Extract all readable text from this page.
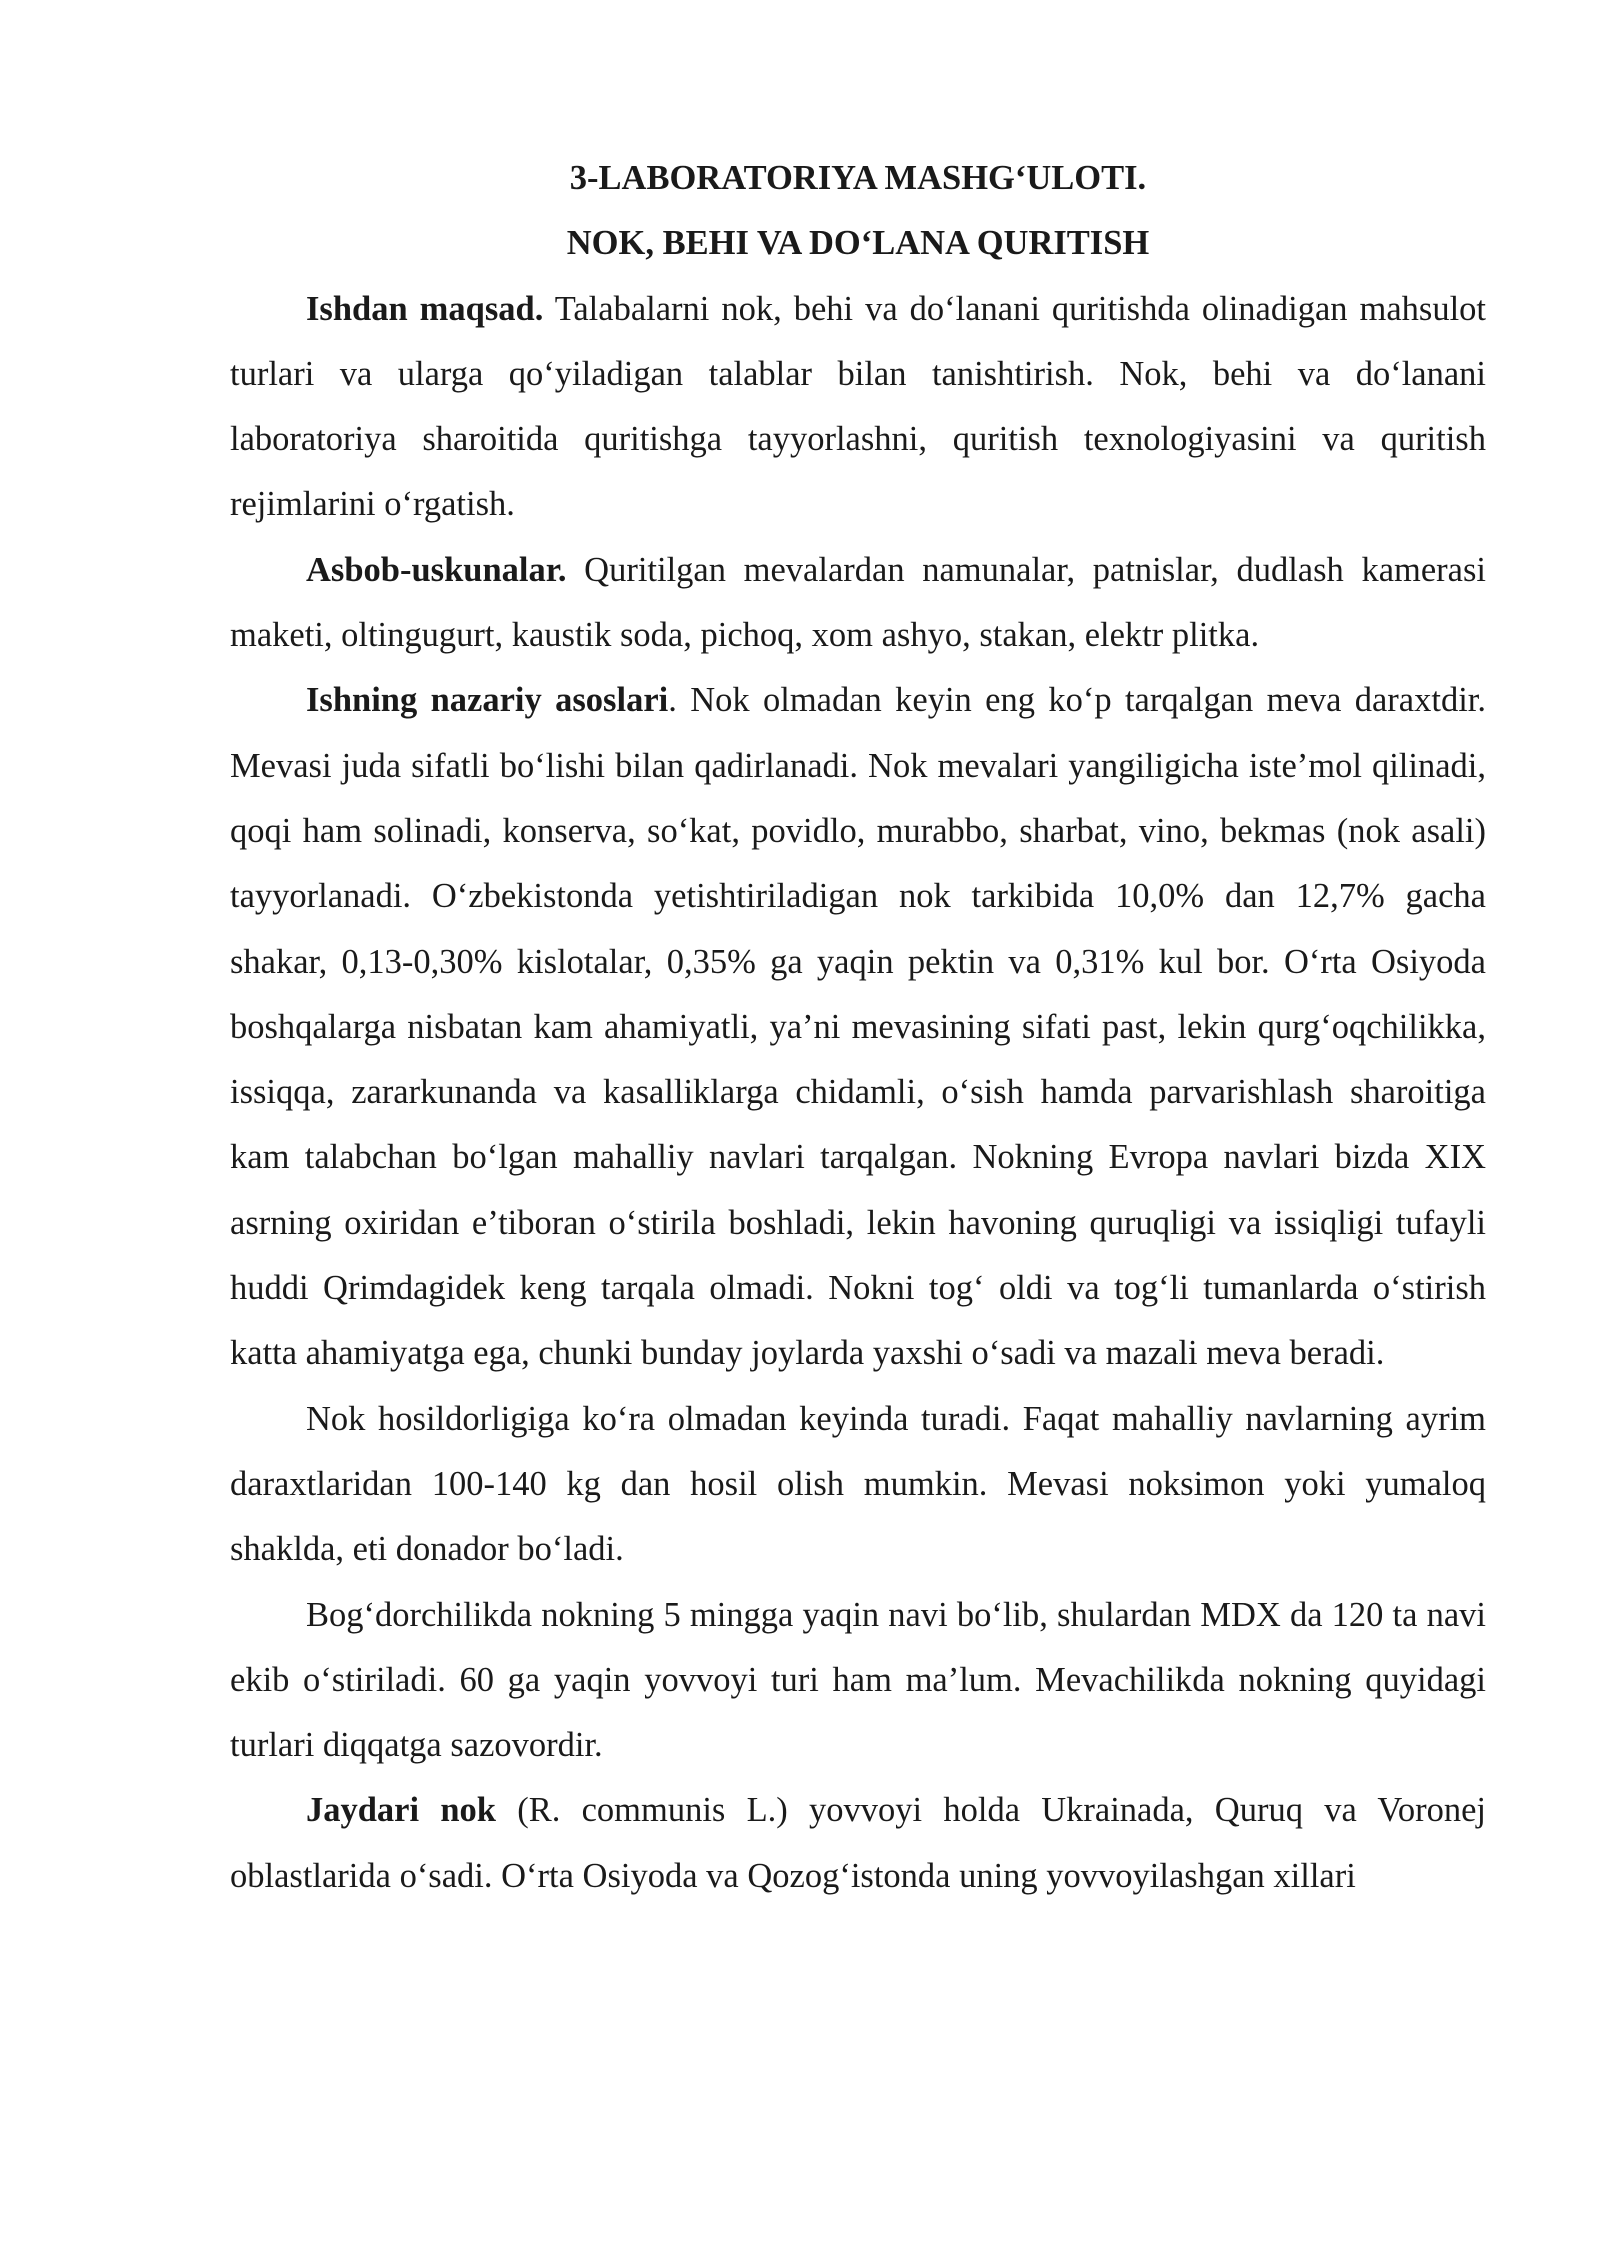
3-LABORATORIYA MASHG‘ULOTI.

NOK, BEHI VA DO‘LANA QURITISH

Ishdan maqsad. Talabalarni nok, behi va do‘lanani quritishda olinadigan mahsulot turlari va ularga qo‘yiladigan talablar bilan tanishtirish. Nok, behi va do‘lanani laboratoriya sharoitida quritishga tayyorlashni, quritish texnologiyasini va quritish rejimlarini o‘rgatish.

Asbob-uskunalar. Quritilgan mevalardan namunalar, patnislar, dudlash kamerasi maketi, oltingugurt, kaustik soda, pichoq, xom ashyo, stakan, elektr plitka.

Ishning nazariy asoslari. Nok olmadan keyin eng ko‘p tarqalgan meva daraxtdir. Mevasi juda sifatli bo‘lishi bilan qadirlanadi. Nok mevalari yangiligicha iste’mol qilinadi, qoqi ham solinadi, konserva, so‘kat, povidlo, murabbo, sharbat, vino, bekmas (nok asali) tayyorlanadi. O‘zbekistonda yetishtiriladigan nok tarkibida 10,0% dan 12,7% gacha shakar, 0,13-0,30% kislotalar, 0,35% ga yaqin pektin va 0,31% kul bor. O‘rta Osiyoda boshqalarga nisbatan kam ahamiyatli, ya’ni mevasining sifati past, lekin qurg‘oqchilikka, issiqqa, zararkunanda va kasalliklarga chidamli, o‘sish hamda parvarishlash sharoitiga kam talabchan bo‘lgan mahalliy navlari tarqalgan. Nokning Evropa navlari bizda XIX asrning oxiridan e’tiboran o‘stirila boshladi, lekin havoning quruqligi va issiqligi tufayli huddi Qrimdagidek keng tarqala olmadi. Nokni tog‘ oldi va tog‘li tumanlarda o‘stirish katta ahamiyatga ega, chunki bunday joylarda yaxshi o‘sadi va mazali meva beradi.

Nok hosildorligiga ko‘ra olmadan keyinda turadi. Faqat mahalliy navlarning ayrim daraxtlaridan 100-140 kg dan hosil olish mumkin. Mevasi noksimon yoki yumaloq shaklda, eti donador bo‘ladi.

Bog‘dorchilikda nokning 5 mingga yaqin navi bo‘lib, shulardan MDX da 120 ta navi ekib o‘stiriladi. 60 ga yaqin yovvoyi turi ham ma’lum. Mevachilikda nokning quyidagi turlari diqqatga sazovordir.

Jaydari nok (R. communis L.) yovvoyi holda Ukrainada, Quruq va Voronej oblastlarida o‘sadi. O‘rta Osiyoda va Qozog‘istonda uning yovvoyilashgan xillari
